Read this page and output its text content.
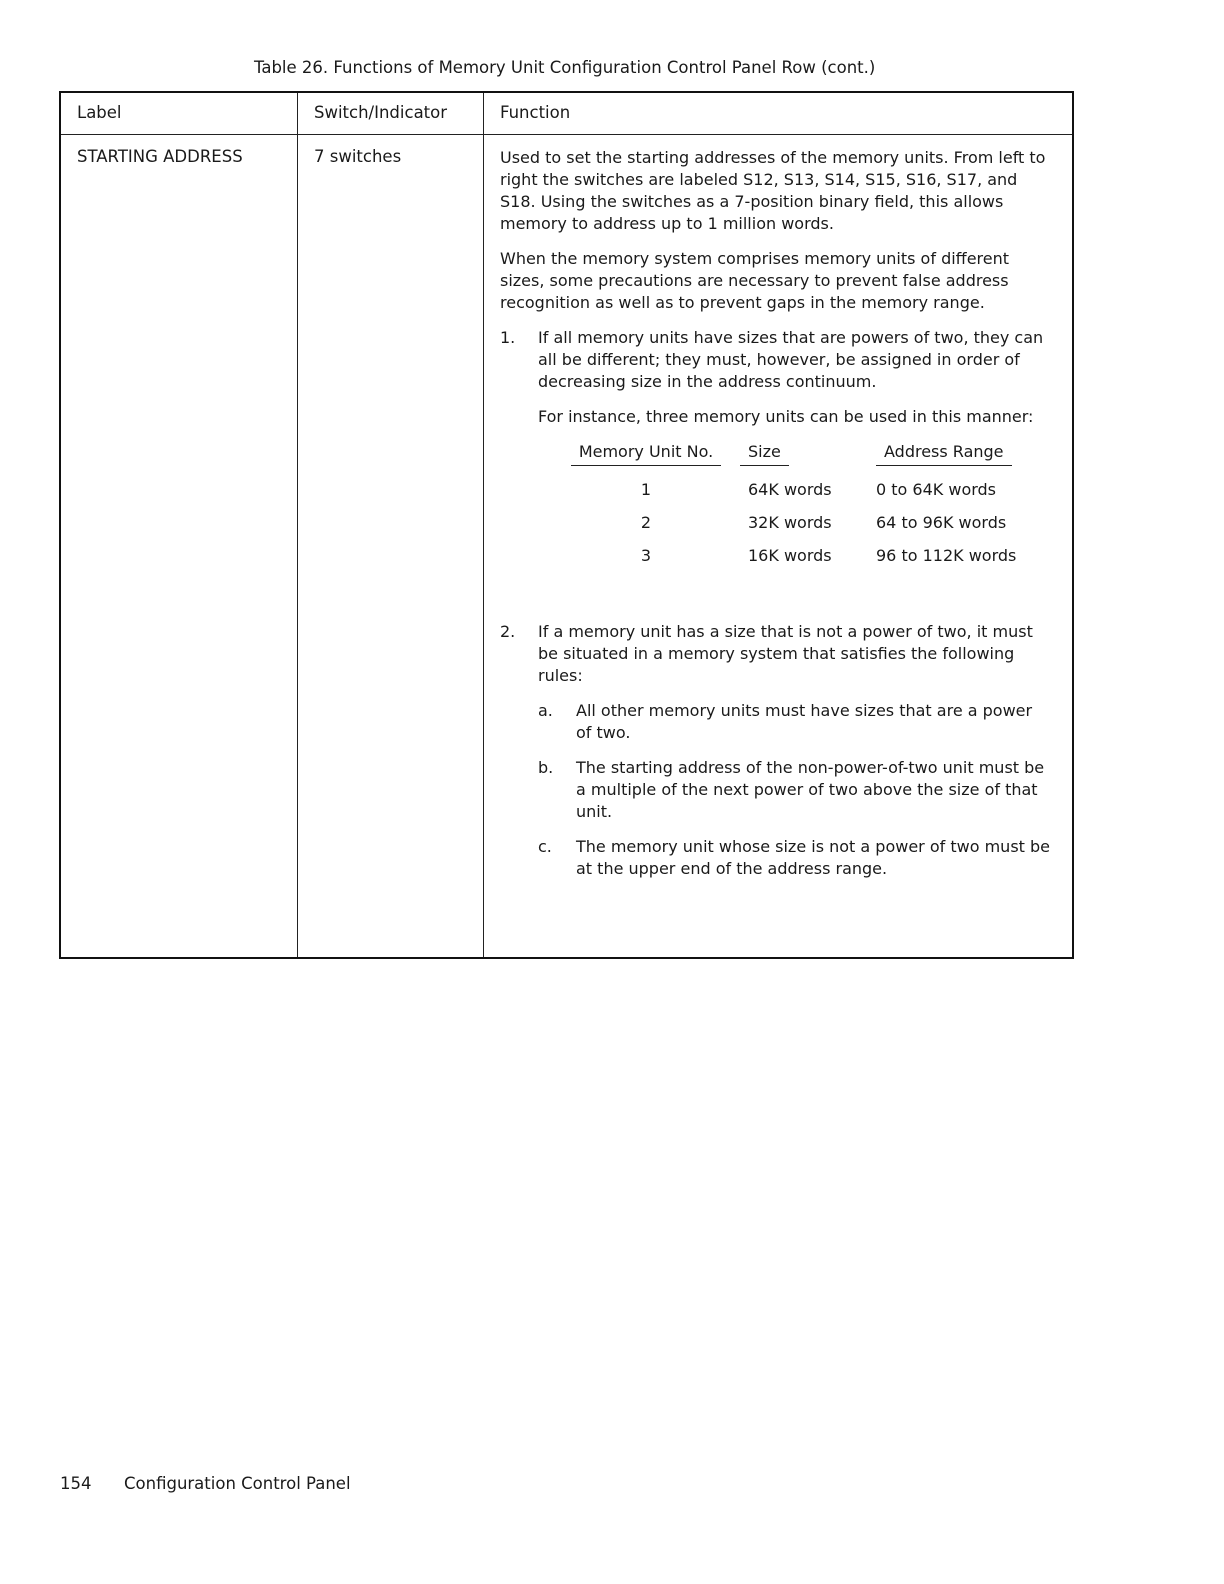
Table 26. Functions of Memory Unit Configuration Control Panel Row (cont.)
Label	Switch/Indicator	Function
STARTING ADDRESS	7 switches	Used to set the starting addresses of the memory units. From left to right the switches are labeled S12, S13, S14, S15, S16, S17, and S18. Using the switches as a 7-position binary field, this allows memory to address up to 1 million words.

When the memory system comprises memory units of different sizes, some precautions are necessary to prevent false address recognition as well as to prevent gaps in the memory range.

1.	If all memory units have sizes that are powers of two, they can all be different; they must, however, be assigned in order of decreasing size in the address continuum.

For instance, three memory units can be used in this manner:

Memory Unit No.	Size	Address Range
1	64K words	0 to 64K words
2	32K words	64 to 96K words
3	16K words	96 to 112K words
2.	If a memory unit has a size that is not a power of two, it must be situated in a memory system that satisfies the following rules:

a.	All other memory units must have sizes that are a power of two.
b.	The starting address of the non-power-of-two unit must be a multiple of the next power of two above the size of that unit.
c.	The memory unit whose size is not a power of two must be at the upper end of the address range.
154 Configuration Control Panel
